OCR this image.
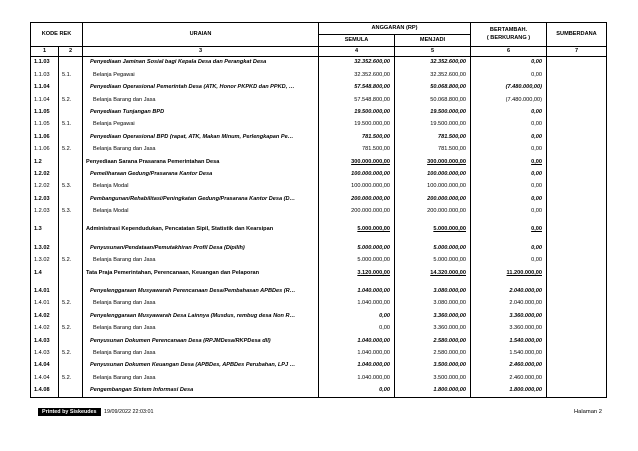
KODE REK		URAIAN	ANGGARAN (RP)		BERTAMBAH.
( BERKURANG )	SUMBERDANA
			SEMULA	MENJADI		
1	2	3	4	5	6	7
1.1.03		Penyediaan Jaminan Sosial bagi Kepala Desa dan Perangkat Desa	32.352.600,00	32.352.600,00	0,00	
1.1.03	5.1.	Belanja Pegawai	32.352.600,00	32.352.600,00	0,00	
1.1.04		Penyediaan Operasional Pemerintah Desa (ATK, Honor PKPKD dan PPKD, …	57.548.800,00	50.068.800,00	(7.480.000,00)	
1.1.04	5.2.	Belanja Barang dan Jasa	57.548.800,00	50.068.800,00	(7.480.000,00)	
1.1.05		Penyediaan Tunjangan BPD	19.500.000,00	19.500.000,00	0,00	
1.1.05	5.1.	Belanja Pegawai	19.500.000,00	19.500.000,00	0,00	
1.1.06		Penyediaan Operasional BPD (rapat, ATK, Makan Minum, Perlengkapan Pe…	781.500,00	781.500,00	0,00	
1.1.06	5.2.	Belanja Barang dan Jasa	781.500,00	781.500,00	0,00	
1.2		Penyediaan Sarana Prasarana Pemerintahan Desa	300.000.000,00	300.000.000,00	0,00	
1.2.02		Pemeliharaan Gedung/Prasarana Kantor Desa	100.000.000,00	100.000.000,00	0,00	
1.2.02	5.3.	Belanja Modal	100.000.000,00	100.000.000,00	0,00	
1.2.03		Pembangunan/Rehabilitasi/Peningkatan Gedung/Prasarana Kantor Desa (D…	200.000.000,00	200.000.000,00	0,00	
1.2.03	5.3.	Belanja Modal	200.000.000,00	200.000.000,00	0,00	

1.3		Administrasi Kependudukan, Pencatatan Sipil, Statistik dan Kearsipan	5.000.000,00	5.000.000,00	0,00	

1.3.02		Penyusunan/Pendataan/Pemutakhiran Profil Desa (Dipilih)	5.000.000,00	5.000.000,00	0,00	
1.3.02	5.2.	Belanja Barang dan Jasa	5.000.000,00	5.000.000,00	0,00	
1.4		Tata Praja Pemerintahan, Perencanaan, Keuangan dan Pelaporan	3.120.000,00	14.320.000,00	11.200.000,00	

1.4.01		Penyelenggaraan Musyawarah Perencanaan Desa/Pembahasan APBDes (R…	1.040.000,00	3.080.000,00	2.040.000,00	
1.4.01	5.2.	Belanja Barang dan Jasa	1.040.000,00	3.080.000,00	2.040.000,00	
1.4.02		Penyelenggaraan Musyawarah Desa Lainnya (Musdus, rembug desa Non R…	0,00	3.360.000,00	3.360.000,00	
1.4.02	5.2.	Belanja Barang dan Jasa	0,00	3.360.000,00	3.360.000,00	
1.4.03		Penyusunan Dokumen Perencanaan Desa (RPJMDesa/RKPDesa dll)	1.040.000,00	2.580.000,00	1.540.000,00	
1.4.03	5.2.	Belanja Barang dan Jasa	1.040.000,00	2.580.000,00	1.540.000,00	
1.4.04		Penyusunan Dokumen Keuangan Desa (APBDes, APBDes Perubahan, LPJ …	1.040.000,00	3.500.000,00	2.460.000,00	
1.4.04	5.2.	Belanja Barang dan Jasa	1.040.000,00	3.500.000,00	2.460.000,00	
1.4.08		Pengembangan Sistem Informasi Desa	0,00	1.800.000,00	1.800.000,00	
Printed by Siskeudes	19/09/2022 22:03:01	Halaman 2
